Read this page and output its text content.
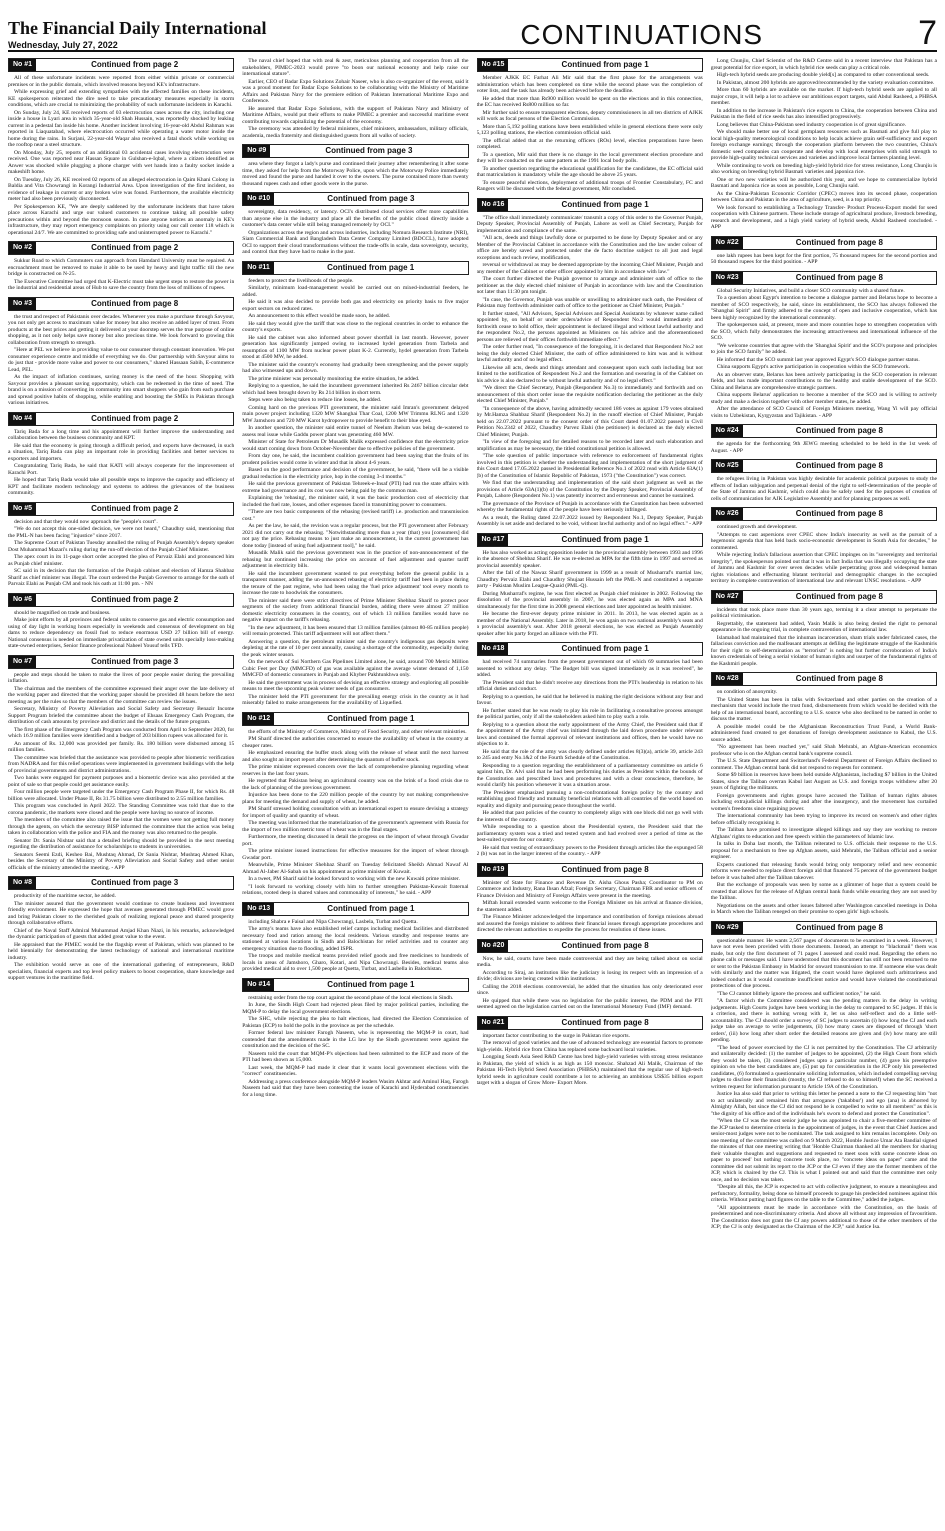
The Financial Daily International
Wednesday, July 27, 2022	CONTINUATIONS	7
No #1	Continued from page 2

All of these unfortunate incidents were reported from either within private or commercial premises or in the public domain, which involved reasons beyond KE's infrastructure.

While expressing grief and extending sympathies with the affected families on these incidents, KE spokesperson reiterated the dire need to take precautionary measures especially in storm conditions, which are crucial to minimizing the probability of such unfortunate incidents in Karachi.

On Sunday, July 24, KE received reports of 03 electrocution cases across the city, including one inside a house in Lyari area in which 35-year-old Shah Hussain, was reportedly shocked by leaking current in a pedestal fan inside his home. Another incident involving 16-year-old Abdul Rahman was reported in Liaquatabad, where electrocution occurred while operating a water motor inside the home during the rains. In Surjani, 22-year-old Waqar also received a fatal shock while working on the rooftop near a steel structure.

On Monday, July 25, reports of an additional 03 accidental cases involving electrocution were received. One was reported near Hassan Square in Gulshan-e-Iqbal, where a citizen identified as Anwer was shocked while plugging a phone charger with wet hands into a faulty socket inside a makeshift home.

On Tuesday, July 26, KE received 02 reports of an alleged electrocution in Qaim Khani Colony in Baldia and Vita Chowrangi in Korangi Industrial Area. Upon investigation of the first incident, no evidence of leakage in current or any broken wire was found. Furthermore, the available electricity meter had also been previously disconnected.

Per Spokesperson KE, "We are deeply saddened by the unfortunate incidents that have taken place across Karachi and urge our valued customers to continue taking all possible safety precautions within and beyond the monsoon season. In case anyone notices an anomaly in KE's infrastructure, they may report emergency complaints on priority using our call center 118 which is operational 24/7. We are committed to providing safe and uninterrupted power to Karachi."

No #2	Continued from page 2

Sukkur Road to which Commuters can approach from Hamdard University must be repaired. An encroachment must be removed to make it able to be used by heavy and light traffic till the new bridge is constructed on N-25.

The Executive Committee had urged that K-Electric must take urgent steps to restore the power in the industrial and residential areas of Hub to save the country from the loss of millions of rupees.

No #3	Continued from page 8

the trust and respect of Pakistanis over decades. Whenever you make a purchase through Savyour, you not only get access to maximum value for money but also receive an added layer of trust. From products at the best prices and getting it delivered at your doorstep serves the true purpose of online shopping, as it not only helps save money but also precious time. We look forward to growing this collaboration from strength to strength.

"Here at PEL we believe in providing value to our consumer through constant innovation. We put consumer experience centre and middle of everything we do. Our partnership with Savyour aims to do just that - provide more value and power to our consumers," shared Hassaan Sabih, E-commerce Lead, PEL.

As the impact of inflation continues, saving money is the need of the hour. Shopping with Savyour provides a pleasant saving opportunity, which can be redeemed in the time of need. The brand is on a mission of converting its community into smart shoppers who gain from each purchase and spread positive habits of shopping, while enabling and boosting the SMEs in Pakistan through various initiatives.

No #4	Continued from page 2

Tariq Bada for a long time and his appointment will further improve the understanding and collaboration between the business community and KPT.

He said that the economy is going through a difficult period, and exports have decreased, in such a situation, Tariq Bada can play an important role in providing facilities and better services to exporters and importers.

Congratulating Tariq Bada, he said that KATI will always cooperate for the improvement of Karachi Port.

He hoped that Tariq Bada would take all possible steps to improve the capacity and efficiency of KPT and facilitate modern technology and systems to address the grievances of the business community.

No #5	Continued from page 2

decision and that they would now approach the "people's court".

"We do not accept this one-sided decision, we were not heard," Chaudhry said, mentioning that the PML-N has been facing "injustice" since 2017.

The Supreme Court of Pakistan Tuesday annulled the ruling of Punjab Assembly's deputy speaker Dost Muhammad Mazari's ruling during the run-off election of the Punjab Chief Minister.

The apex court in its 11-page short order accepted the plea of Parvaiz Elahi and pronounced him as Punjab chief minister.

SC said in its decision that the formation of the Punjab cabinet and election of Hamza Shahbaz Sharif as chief minister was illegal. The court ordered the Punjab Governor to arrange for the oath of Parvaiz Elahi as Punjab CM and took his oath at 11:00 pm. - NN

No #6	Continued from page 2

should be magnified on trade and business.

Make joint efforts by all provinces and federal units to conserve gas and electric consumption and using of day light in working hours especially in weekends and consensus of development on big dams to reduce dependency on fossil fuel to reduce enormous USD 27 billion bill of energy. National consensus is needed on immediate privatization of state owned units specially loss-making state-owned enterprises, Senior finance professional Naheel Yousuf tells TFD.

No #7	Continued from page 3

people and steps should be taken to make the lives of poor people easier during the prevailing inflation.

The chairman and the members of the committee expressed their anger over the late delivery of the working paper and directed that the working paper should be provided 48 hours before the next meeting as per the rules so that the members of the committee can review the issues.

Secretary, Ministry of Poverty Alleviation and Social Safety and Secretary Benazir Income Support Program briefed the committee about the budget of Ehsaas Emergency Cash Program, the distribution of cash amounts by province and district and the details of the future program.

The first phase of the Emergency Cash Program was conducted from April to September 2020, for which 16.9 million families were identified and a budget of 203 billion rupees was allocated for it.

An amount of Rs. 12,000 was provided per family. Rs. 180 billion were disbursed among 15 million families.

The committee was briefed that the assistance was provided to people after biometric verification from NADRA and for this relief operations were implemented in government buildings with the help of provincial governments and district administrations.

Two banks were engaged for payment purposes and a biometric device was also provided at the point of sale so that people could get assistance easily.

Four million people were targeted under the Emergency Cash Program Phase II, for which Rs. 48 billion were allocated. Under Phase II, Rs 31.75 billion were distributed to 2.55 million families.

This program was concluded in April 2022. The Standing Committee was told that due to the corona pandemic, the markets were closed and the people were having no source of income.

The members of the committee also raised the issue that the women were not getting full money through the agents, on which the secretary BISP informed the committee that the action was being taken in collaboration with the police and FIA and the money was also returned to the people.

Senator Dr. Sania Nishtar said that a detailed briefing should be provided in the next meeting regarding the distribution of assistance for scholarships to students in universities.

Senators Seemi Ezdi, Kesheo Bai, Mushtaq Ahmad, Dr Sania Nishtar, Mushtaq Ahmed Khan, besides the Secretary of the Ministry of Poverty Alleviation and Social Safety and other senior officials of the ministry attended the meeting. - APP

No #8	Continued from page 3

productivity of the maritime sector, he added.

The minister assured that the government would continue to create business and investment friendly environment. He expressed the hope that avenues generated through PIMEC would grow and bring Pakistan closer to the cherished goals of realizing regional peace and shared prosperity through collaborative efforts.

Chief of the Naval Staff Admiral Muhammad Amjad Khan Niazi, in his remarks, acknowledged the dynamic participation of guests that added great value to the event.

He appraised that the PIMEC would be the flagship event of Pakistan, which was planned to be held biennially for demonstrating the latest technology of national and international maritime industry.

The exhibition would serve as one of the international gathering of entrepreneurs, R&D specialists, financial experts and top level policy makers to boost cooperation, share knowledge and support ventures in the maritime field.

The naval chief hoped that with zeal & zest, meticulous planning and cooperation from all the stakeholders, PIMEC-2023 would prove "to boon our national economy and help raise our international stature".

Earlier, CEO of Badar Expo Solutions Zohair Naseer, who is also co-organizer of the event, said it was a proud moment for Badar Expo Solutions to be collaborating with the Ministry of Maritime Affairs and Pakistan Navy for the premiere edition of Pakistan International Maritime Expo and Conference.

He assured that Badar Expo Solutions, with the support of Pakistan Navy and Ministry of Maritime Affairs, would put their efforts to make PIMEC a premier and successful maritime event contributing towards capitalizing the potential of the economy.

The ceremony was attended by federal ministers, chief ministers, ambassadors, military officials, academia, media fraternity and distinguished guests from all walks of society.

No #9	Continued from page 3

area where they forgot a lady's purse and continued their journey after remembering it after some time, they asked for help from the Motorway Police, upon which the Motorway Police immediately moved and found the purse and handed it over to the owners. The purse contained more than twenty thousand rupees cash and other goods were in the purse.

No #10	Continued from page 3

sovereignty, data residency, or latency. OCI's distributed cloud services offer more capabilities than anyone else in the industry and place all the benefits of the public cloud directly inside a customer's data center while still being managed remotely by OCI."

Organizations across the region and across industries, including Nomura Research Institute (NRI), Siam Commercial Bank and Bangladesh Data Center Company Limited (BDCCL), have adopted OCI to support their cloud transformations without the trade-offs in scale, data sovereignty, security, and control that they have had to make in the past.

No #11	Continued from page 1

feeders to protect the livelihoods of the people.

Similarly, minimum load-management would be carried out on mixed-industrial feeders, he added.

He said it was also decided to provide both gas and electricity on priority basis to five major export sectors on reduced rates.

An announcement to this effect would be made soon, he added.

He said they would give the tariff that was close to the regional countries in order to enhance the country's exports.

He said the cabinet was also informed about power shortfall in last month. However, power generation has significantly jumped owing to increased hydel generation from Tarbela and resumption of 1100 MW from nuclear power plant K-2. Currently, hydel generation from Tarbela stood at 4500 MW, he added.

The minister said the country's economy had gradually been strengthening and the power supply had also witnessed ups and down.

The prime minister was personally monitoring the entire situation, he added.

Replying to a question, he said the incumbent government inherited Rs 2467 billion circular debt which had been brought down by Rs 214 billion in short term.

Steps were also being taken to reduce line losses, he added.

Coming hard on the previous PTI government, the minister said Imran's government delayed main power project including 1320 MW Shanghai Thar Coal, 1200 MW Trimmu RLNG and 1320 MW Jamshoro and 720 MW Karot hydropower to provide benefit to their blue eyed.

In another question, the minister said entire tunnel of Neelum Jhelum was being de-watered to assess real issue while Gaddu power plant was generating 460 MW.

Minister of State for Petroleum Dr Musadik Malik expressed confidence that the electricity price would start coming down from October-November due to effective policies of the government.

From day one, he said, the incumbent coalition government had been saying that the fruits of its prudent policies would come in winter and that in about 4-6 years.

Based on the good performance and decision of the government, he said, "there will be a visible gradual reduction in the electricity price, hop in the coming 3-4 months."

He said the previous government of Pakistan Tehreek-e-Insaf (PTI) had run the state affairs with extreme bad governance and its cost was now being paid by the common man.

Explaining the 'rebasing', the minister said, it was the basic production cost of electricity that included the fuel rate, losses, and other expenses faced in transmitting power to consumers.

"There are two basic components of the rebasing (revised tariff) i.e. production and transmission cost."

As per the law, he said, the revision was a regular process, but the PTI government after February 2021 did not carry out the rebasing. "Notwithstanding more than a year (that) you [consumers] did not pay the price. Rebasing means to just make an announcement, in the current government has done today [instead of using fuel adjustment tool]," he said.

Musadik Malik said the previous government was in the practice of non-announcement of the rebasing but continued increasing the price on account of fuel adjustment and quarter tariff adjustment in electricity bills.

He said the incumbent government wanted to put everything before the general public in a transparent manner, adding the un-announced rebasing of electricity tariff had been in place during the tenure of the past regime, who had been using the 'fuel price adjustment' tool every month to increase the rate to hoodwink the consumers.

The minister said there were strict directives of Prime Minister Shehbaz Sharif to protect poor segments of the society from additional financial burden, adding there were almost 27 million domestic electricity consumers in the country, out of which 13 million families would have no negative impact on the tariff's rebasing.

"In the new adjustment, it has been ensured that 13 million families (almost 80-85 million people) will remain protected. This tariff adjustment will not affect them."

Answering a question, the petroleum minister said the country's indigenous gas deposits were depleting at the rate of 10 per cent annually, causing a shortage of the commodity, especially during the peak winter season.

On the network of Sui Northern Gas Pipelines Limited alone, he said, around 700 Metric Million Cubic Feet per Day (MMCFD) of gas was available against the average winter demand of 1,150 MMCFD of domestic consumers in Punjab and Khyber Pakhtunkhwa only.

He said the government was in process of devising an effective strategy and exploring all possible means to meet the upcoming peak winter needs of gas consumers.

The minister held the PTI government for the prevailing energy crisis in the country as it had miserably failed to make arrangements for the availability of Liquefied.

No #12	Continued from page 1

the efforts of the Ministry of Commerce, Ministry of Food Security, and other relevant ministries.

PM Sharif directed the authorities concerned to ensure the availability of wheat in the country at cheaper rates.

He emphasized ensuring the buffer stock along with the release of wheat until the next harvest and also sought an import report after determining the quantum of buffer stock.

The prime minister expressed concern over the lack of comprehensive planning regarding wheat reserves in the last four years.

He regretted that Pakistan being an agricultural country was on the brink of a food crisis due to the lack of planning of the previous government.

Injustice has been done to the 220 million people of the country by not making comprehensive plans for meeting the demand and supply of wheat, he added.

PM Sharif stressed holding consultation with an international expert to ensure devising a strategy for import of quality and quantity of wheat.

The meeting was informed that the materialization of the government's agreement with Russia for the import of two million metric tons of wheat was in the final stages.

Furthermore, the meeting discussed in detail the progress on the import of wheat through Gwadar port.

The prime minister issued instructions for effective measures for the import of wheat through Gwadar port.

Meanwhile, Prime Minister Shehbaz Sharif on Tuesday felicitated Sheikh Ahmad Nawaf Al Ahmad Al-Jaber Al-Sabah on his appointment as prime minister of Kuwait.

In a tweet, PM Sharif said he looked forward to working with the new Kuwaiti prime minister.

"I look forward to working closely with him to further strengthen Pakistan-Kuwait fraternal relations, rooted deep in shared values and commonality of interests," he said. - APP

No #13	Continued from page 1

including Shabra e Faisal and Nipa Chowrangi, Lasbela, Turbat and Quetta.

The army's teams have also established relief camps including medical facilities and distributed necessary food and ration among the local residents. Various standby and response teams are stationed at various locations in Sindh and Balochistan for relief activities and to counter any emergency situation due to flooding, added ISPR.

The troops and mobile medical teams provided relief goods and free medicines to hundreds of locals in areas of Jamshoro, Gharo, Kotari, and Nipa Chowrangi. Besides, medical teams also provided medical aid to over 1,500 people at Quetta, Turbat, and Lasbella in Balochistan.

No #14	Continued from page 1

restraining order from the top court against the second phase of the local elections in Sindh.

In June, the Sindh High Court had rejected pleas filed by major political parties, including the MQM-P to delay the local government elections.

The SHC, while rejecting the plea to halt elections, had directed the Election Commission of Pakistan (ECP) to hold the polls in the province as per the schedule.

Former federal law minister Farogh Naseem, who is representing the MQM-P in court, had contended that the amendments made in the LG law by the Sindh government were against the constitution and the decision of the SC.

Naseem told the court that MQM-P's objections had been submitted to the ECP and more of the PTI had been shown as 15,000.

Last week, the MQM-P had made it clear that it wants local government elections with the "correct" constituencies.

Addressing a press conference alongside MQM-P leaders Wasim Akhtar and Aminul Haq, Farogh Naseem had said that they have been contesting the issue of Karachi and Hyderabad constituencies for a long time.

No #15	Continued from page 1

Member AJKK EC Farhat Ali Mir said that the first phase for the arrangements was administration which has been completed on time while the second phase was the completion of voter lists, and the task has already been achieved before the deadline.

He added that more than Rs900 million would be spent on the elections and in this connection, the EC has received Rs800 million so far.

Mir further said to ensure transparent elections, deputy commissioners in all ten districts of AJKK will work as focal persons of the Election Commission.

More than 5,192 polling stations have been established while in general elections there were only 5,123 polling stations, the election commission official said.

The official added that at the returning officers (ROs) level, election preparations have been completed.

To a question, Mir said that there is no change in the local government election procedure and they will be conducted on the same pattern as the 1991 local body polls.

To another question regarding the educational qualification for the candidates, the EC official said that matriculation is mandatory while the age should be above 25 years.

To ensure peaceful elections, deployment of additional troops of Frontier Constabulary, FC and Rangers will be discussed with the federal government, Mir concluded.

No #16	Continued from page 1

"The office shall immediately communicate/ transmit a copy of this order to the Governor Punjab, Deputy Speaker, Provincial Assembly of Punjab, Lahore as well as Chief Secretary, Punjab for implementation and compliance of the same.

"All acts, deeds and things lawfully done or purported to be done by Deputy Speaker and or any Member of the Provincial Cabinet in accordance with the Constitution and the law under colour of office are hereby saved and protected under the de facto doctrine subject to all just and legal exceptions and such review, modification,

reversal or withdrawal as may be deemed appropriate by the incoming Chief Minister, Punjab and any member of the Cabinet or other officer appointed by him in accordance with law."

The court further directed the Punjab governor to arrange and administer oath of office to the petitioner as the duly elected chief minister of Punjab in accordance with law and the Constitution not later than 11:30 pm tonight.

"In case, the Governor, Punjab was unable or unwilling to administer such oath, the President of Pakistan may forthwith administer oath of office to the petitioner as Chief Minister, Punjab."

It further stated, "All Advisors, Special Advisors and Special Assistants by whatever name called appointed by, on behalf or under orders/advice of Respondent No.2 would immediately and forthwith cease to hold office, their appointment is declared illegal and without lawful authority and the respondent No.2, the persons appointed as Ministers on his advice and the aforementioned persons are relieved of their offices forthwith immediate effect."

The order further read, "In consequence of the foregoing, it is declared that Respondent No.2 not being the duly elected Chief Minister, the oath of office administered to him was and is without lawful authority and of no legal effect.

Likewise all acts, deeds and things attendant and consequent upon such oath including but not limited to the notification of Respondent No.2 and the formation and swearing in of the Cabinet on his advice is also declared to be without lawful authority and of no legal effect."

"We direct the Chief Secretary, Punjab (Respondent No.3) to immediately and forthwith and on announcement of this short order issue the requisite notification declaring the petitioner as the duly elected Chief Minister, Punjab."

"In consequence of the above, having admittedly secured 186 votes as against 179 votes obtained by Mr.Hamza Shahbaz Sharif (Respondent No.2) in the runoff election of Chief Minister, Punjab held on 22.07.2022 pursuant to the consent order of this Court dated 01.07.2022 passed in Civil Petition No.2342 of 2022, Chaudhry Parvez Elahi (the petitioner) is declared as the duly elected Chief Minister, Punjab.

"In view of the foregoing and for detailed reasons to be recorded later and such elaboration and amplification as may be necessary, the titled constitutional petition is allowed.

"The sole question of public importance with reference to enforcement of fundamental rights involved in this petition is whether the understanding and implementation of the short judgment of this Court dated 17.05.2022 passed in Presidential Reference No.1 of 2022 read with Article 63A(1)(b) of the Constitution of Islamic Republic of Pakistan, 1973 ("the Constitution") was correct.

We find that the understanding and implementation of the said short judgment as well as the provisions of Article 63A(1)(b) of the Constitution by the Deputy Speaker, Provincial Assembly of Punjab, Lahore (Respondent No.1) was patently incorrect and erroneous and cannot be sustained.

The governance of the Province of Punjab in accordance with the Constitution has been subverted whereby the fundamental rights of the people have been seriously infringed.

As a result, the Ruling dated 22.07.2022 issued by Respondent No.1, Deputy Speaker, Punjab Assembly is set aside and declared to be void, without lawful authority and of no legal effect." - APP

No #17	Continued from page 1

He has also worked as acting opposition leader in the provincial assembly between 1993 and 1996 in the absence of Shehbaz Sharif. He was re-elected as MPA for the fifth time in 1997 and served as provincial assembly speaker.

After the fall of the Nawaz Sharif government in 1999 as a result of Musharraf's martial law, Chaudhry Pervaiz Elahi and Chaudhry Shujaat Hussain left the PML-N and constituted a separate party - Pakistan Muslim League-Quaid (PML-Q).

During Musharraf's regime, he was first elected as Punjab chief minister in 2002. Following the dissolution of the provincial assembly in 2007, he was elected again as MPA and MNA simultaneously for the first time in 2008 general elections and later appointed as health minister.

He became the first-ever deputy prime minister in 2011. In 2013, he was elected again as a member of the National Assembly. Later in 2018, he won again on two national assembly's seats and a provincial assembly's seat. After 2018 general elections, he was elected as Punjab Assembly speaker after his party forged an alliance with the PTI.

No #18	Continued from page 1

had received 74 summaries from the present government out of which 69 summaries had been assented to without any delay. "The Budget bill was signed immediately as it was received", he added.

The President said that he didn't receive any directions from the PTI's leadership in relation to his official duties and conduct.

Replying to a question, he said that he believed in making the right decisions without any fear and favour.

He further stated that he was ready to play his role in facilitating a consultative process amongst the political parties, only if all the stakeholders asked him to play such a role.

Replying to a question about the early appointment of the Army Chief, the President said that if the appointment of the Army chief was initiated through the laid down procedure under relevant laws and contained the formal approval of relevant institutions and offices, then he would have no objection to it.

He said that the role of the army was clearly defined under articles 8(3)(a), article 39, article 243 to 245 and entry No.1&2 of the Fourth Schedule of the Constitution.

Responding to a question regarding the establishment of a parliamentary committee on article 6 against him, Dr. Alvi said that he had been performing his duties as President within the bounds of the Constitution and prescribed laws and procedures and with a clear conscience, therefore, he would clarify his position whenever it was a situation arose.

The President emphasized pursuing a non-confrontational foreign policy by the country and establishing good friendly and mutually beneficial relations with all countries of the world based on equality and dignity and pursuing peace throughout the world.

He added that past policies of the country to completely align with one block did not go well with the interests of the country.

While responding to a question about the Presidential system, the President said that the parliamentary system was a tried and tested system and had evolved over a period of time as the best-suited system for our country.

He said that vesting of extraordinary powers to the President through articles like the expunged 58 2 (b) was not in the larger interest of the country. - APP

No #19	Continued from page 8

Minister of State for Finance and Revenue Dr. Aisha Ghous Pasha; Coordinator to PM on Commerce and Industry, Rana Ihsan Afzal; Foreign Secretary, Chairman FBR and senior officers of Finance Division and Ministry of Foreign Affairs were present in the meeting.

Miftah Ismail extended warm welcome to the Foreign Minister on his arrival at finance division, the statement added.

The Finance Minister acknowledged the importance and contribution of foreign missions abroad and assured the foreign minister to address their financial issues through appropriate procedures and directed the relevant authorities to expedite the process for resolution of these issues.

No #20	Continued from page 8

Now, he said, courts have been made controversial and they are being talked about on social media.

According to Siraj, an institution like the judiciary is losing its respect with an impression of a divide; divisions are being created within institutions.

Calling the 2018 elections controversial, he added that the situation has only deteriorated ever since.

He quipped that while there was no legislation for the public interest, the PDM and the PTI seemed agreed on the legislation carried out on the International Monetary Fund (IMF) demand.

No #21	Continued from page 8

important factor contributing to the surge in Pakistan rice exports.

The removal of good varieties and the use of advanced technology are essential factors to promote high-yields. Hybrid rice from China has replaced some backward local varieties.

Longping South Asia Seed R&D Centre has bred high-yield varieties with strong stress resistance in Pakistan, the yield of which is as high as 150 mons/ac. Shahzad Ali Malik, Chairman of the Pakistan Hi-Tech Hybrid Seed Association (PHBSA) maintained that the regular use of high-tech hybrid seeds in agriculture could contribute a lot to achieving an ambitious US$35 billion export target with a slogan of Grow More- Export More.

Long Chunjiu, Chief Scientist of the R&D Centre said in a recent interview that Pakistan has a great potential for rice export, in which hybrid rice seeds can play a critical role.

High-tech hybrid seeds are producing double yield[s] as compared to other conventional seeds.

In Pakistan, almost 200 hybrids are approved/recommended by the variety evaluation committee.

More than 60 hybrids are available on the market. If high-tech hybrid seeds are applied to all major crops, it will help a lot to achieve our ambitious export targets, said Abdul Rasheed, a PHBSA member.

In addition to the increase in Pakistan's rice exports to China, the cooperation between China and Pakistan in the field of rice seeds has also intensified progressively.

Long believes that China-Pakistan seed industry cooperation is of great significance.

We should make better use of local germplasm resources such as Basmati and give full play to local high-quality meteorological conditions to help locals achieve grain self-sufficiency and export foreign exchange earnings; through the cooperation platform between the two countries, China's domestic seed companies can cooperate and develop with local enterprises with solid strength to provide high-quality technical services and varieties and improve local farmers planting level.

While continuing to work on breeding high-yield hybrid rice for stress resistance, Long Chunjiu is also working on breeding hybrid Basmati varieties and japonica rice.

One or two new varieties will be authorized this year, and we hope to commercialize hybrid Basmati and Japonica rice as soon as possible, Long Chunjiu said.

As the China-Pakistan Economic Corridor (CPEC) moves into its second phase, cooperation between China and Pakistan in the area of agriculture, seed, is a top priority.

We look forward to establishing a Technology Transfer- Product Process-Export model for seed cooperation with Chinese partners. These include storage of agricultural produce, livestock breeding, research and development, and a high yield variety of hybrid seeds, Abdul Rasheed concluded. - APP

No #22	Continued from page 8

one lakh rupees has been kept for the first portion, 75 thousand rupees for the second portion and 50 thousand rupees for the third position. - APP

No #23	Continued from page 8

Global Security Initiatives, and build a closer SCO community with a shared future.

To a question about Egypt's intention to become a dialogue partner and Belarus hope to become a member of SCO respectively, he said, since its establishment, the SCO has always followed the "Shanghai Spirit" and firmly adhered to the concept of open and inclusive cooperation, which has been highly recognized by the international community.

The spokesperson said, at present, more and more countries hope to strengthen cooperation with the SCO, which fully demonstrates the increasing attractiveness and international influence of the SCO.

"We welcome countries that agree with the 'Shanghai Spirit' and the SCO's purpose and principles to join the SCO family" he added.

He informed that the SCO summit last year approved Egypt's SCO dialogue partner status.

China supports Egypt's active participation in cooperation within the SCO framework.

As an observer state, Belarus has been actively participating in the SCO cooperation in relevant fields, and has made important contributions to the healthy and stable development of the SCO. China and Belarus are comprehensive strategic partners.

China supports Belarus' application to become a member of the SCO and is willing to actively study and make a decision together with other member states, he added.

After the attendance of SCO Council of Foreign Ministers meeting, Wang Yi will pay official visits to Uzbekistan, Kyrgyzstan and Tajikistan. - APP

No #24	Continued from page 8

the agenda for the forthcoming 9th JEWG meeting scheduled to be held in the 1st week of August. - APP

No #25	Continued from page 8

the refugees living in Pakistan was highly desirable for academic political purposes to study the effects of Indian subjugation and perpetual denial of the right to self-determination of the people of the State of Jammu and Kashmir, which could also be safely used for the purposes of creation of cells of communication for AJK Legislative Assembly and for planning purposes as well.

No #26	Continued from page 8

continued growth and development.

"Attempts to cast aspersions over CPEC show India's insecurity as well as the pursuit of a hegemonic agenda that has held back socio-economic development in South Asia for decades," he commented.

While rejecting India's fallacious assertion that CPEC impinges on its "sovereignty and territorial integrity", the spokesperson pointed out that it was in fact India that was illegally occupying the state of Jammu and Kashmir for over seven decades while perpetrating gross and widespread human rights violations and effectuating blatant territorial and demographic changes in the occupied territory in complete contravention of international law and relevant UNSC resolutions. - APP

No #27	Continued from page 8

incidents that took place more than 30 years ago, terming it a clear attempt to perpetuate the political victimisation.

Regrettably, the statement had added, Yasin Malik is also being denied the right to personal appearance in the ongoing trial, in complete contravention of international law.

Islamabad had maintained that the inhuman incarceration, sham trials under fabricated cases, the fallacious conviction and the malfeasant attempts at defiling the legitimate struggle of the Kashmiris for their right to self-determination as "terrorism" is nothing but further corroboration of India's known credentials of being a serial violator of human rights and usurper of the fundamental rights of the Kashmiri people.

No #28	Continued from page 8

on condition of anonymity.

The United States has been in talks with Switzerland and other parties on the creation of a mechanism that would include the trust fund, disbursements from which would be decided with the help of an international board, according to a U.S. source who also declined to be named in order to discuss the matter.

A possible model could be the Afghanistan Reconstruction Trust Fund, a World Bank-administered fund created to get donations of foreign development assistance to Kabul, the U.S. source added.

"No agreement has been reached yet," said Shah Mehrabi, an Afghan-American economics professor who is on the Afghan central bank's supreme council.

The U.S. State Department and Switzerland's Federal Department of Foreign Affairs declined to comment. The Afghan central bank did not respond to requests for comment.

Some $9 billion in reserves have been held outside Afghanistan, including $7 billion in the United States, since the Taliban overran Kabul last August as U.S. and foreign troops withdrew after 20 years of fighting the militants.

Foreign governments and rights groups have accused the Taliban of human rights abuses including extrajudicial killings during and after the insurgency, and the movement has curtailed women's freedoms since regaining power.

The international community has been trying to improve its record on women's and other rights before officially recognising it.

The Taliban have promised to investigate alleged killings and say they are working to restore Afghans' rights to education and free speech within the parameters of Islamic law.

In talks in Doha last month, the Taliban reiterated to U.S. officials their response to the U.S. proposal for a mechanism to free up Afghan assets, said Mehrabi, the Taliban official and a senior engineer.

Experts cautioned that releasing funds would bring only temporary relief and new economic reforms were needed to replace direct foreign aid that financed 75 percent of the government budget before it was halted after the Taliban takeover.

But the exchange of proposals was seen by some as a glimmer of hope that a system could be created that allows for the release of Afghan central bank funds while ensuring they are not used by the Taliban.

Negotiations on the assets and other issues faltered after Washington cancelled meetings in Doha in March when the Taliban reneged on their promise to open girls' high schools.

No #29	Continued from page 8

questionable manner. He wants 2,567 pages of documents to be examined in a week. However, I have not even been provided with those documents. Instead, an attempt to "blackmail" them was made, but only the first document of 71 pages I assessed and could read. Regarding the others no phone calls or messages said. I have understood that this document has still not been returned to me or sent to the Pakistan Embassy in Madrid for onward transmission to me. If someone else was dealt with similarly and the matter was litigated, the court would have deplored such arbitrariness and indeed conduct as it would constitute insufficient notice and would have violated the constitutional protections of due process.

"The CJ cannot blithely ignore the process and sufficient notice," he said.

"A factor which the Committee considered was the pending matters in the delay in writing judgements. High Courts judges have been working in the delay to compared to SC judges. If this is a criterion, and there is nothing wrong with it, let us also self-reflect and do a little self-accountability. The CJ should order a survey of SC judges to ascertain (i) how long the CJ and each judge take on average to write judgements, (ii) how many cases are disposed of through 'short orders', (iii) how long after short order the detailed reasons are given and (iv) how many are still pending.

"The head of power exercised by the CJ is not permitted by the Constitution. The CJ arbitrarily and unilaterally decided: (1) the number of judges to be appointed, (2) the High Court from which they would be taken, (3) considered judges upto a particular number, (4) gave his preemptive opinion on who the best candidates are, (5) put up for consideration in the JCP only his preselected candidates, (6) formulated a questionnaire soliciting information, which included compelling serving judges to disclose their financials (mostly, the CJ refused to do so himself) when the SC received a written request for information pursuant to Article 19A of the Constitution.

Justice Isa also said that prior to writing this letter he penned a note to the CJ requesting him "not to act unilaterally and remained him that arrogance ('takabbur') and ego (ana) is abhorred by Almighty Allah, but since the CJ did not respond he is compelled to write to all members" as this is "the dignity of his office and of the individuals he's sworn to defend and protect the Constitution".

"When the CJ was the most senior judge he was appointed to chair a five-member committee of the JCP tasked to determine criteria in the appointment of judges, in the event that Chief Justices and senior-most judges were not to be nominated. The task assigned to him remains incomplete. Only on one meeting of the committee was called on 9 March 2022, Honble Justice Umar Ata Bandial signed the minutes of that one meeting writing that 'Honble Chairman thanked all the members for sharing their valuable thoughts and suggestions and requested to meet soon with some concrete ideas on paper to proceed' but nothing concrete took place, no "concrete ideas on paper" came and the committee did not submit its report to the JCP or the CJ even if they are the former members of the JCP, which is chaired by the CJ. This is what I pointed out and said that the committee met only once, and no decision was taken.

"Despite all this, the JCP is expected to act with collective judgment, to ensure a meaningless and perfunctory, formality, being done so himself proceeds to gauge his predecided nominees against this criteria. Without putting hard figures on the table to the Committee," added the judges.

"All appointments must be made in accordance with the Constitution, on the basis of predetermined and non-discriminatory criteria. And above all without any impression of favouritism. The Constitution does not grant the CJ any powers additional to those of the other members of the JCP; the CJ is only designated as the Chairman of the JCP," said Justice Isa.
